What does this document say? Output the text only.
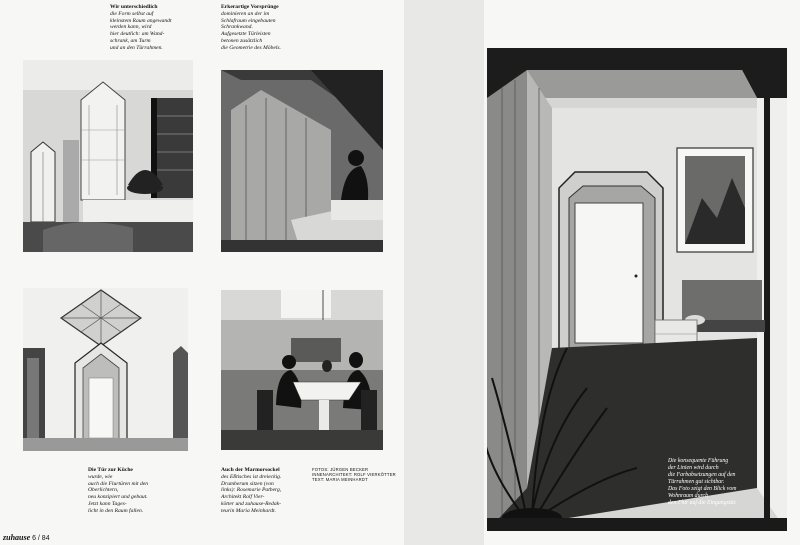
Wir unterschiedlich
die Form selbst auf
kleinstem Raum angewandt
werden kann, wird
hier deutlich: am Wand-
schrank, am Turm
und an den Türrahmen.
Erkerartige Vorsprünge
dominieren an der im
Schlafraum eingebauten
Schrankwand.
Aufgesetzte Türleisten
betonen zusätzlich
die Geometrie des Möbels.
Die Tür zur Küche
wurde, wie
auch die Flurtüren mit den
Oberlichtern,
neu konzipiert und gebaut.
Jetzt kann Tages-
licht in den Raum fallen.
Auch der Marmorsockel
des Eßtisches ist dreieckig.
Drumherum sitzen (von
links): Rosemarie Patberg,
Architekt Rolf Vier-
kötter und zuhause-Redak-
teurin Maria Meinhardt.
FOTOS: JÜRGEN BECKER
INNENARCHITEKT: ROLF VIERKÖTTER
TEXT: MARIA MEINHARDT
zuhause 6 / 84
Die konsequente Führung
der Linien wird durch
die Farbabsetzungen auf den
Türrahmen gut sichtbar.
Das Foto zeigt den Blick vom
Wohnraum durch
den Flur auf die Eingangstür.
